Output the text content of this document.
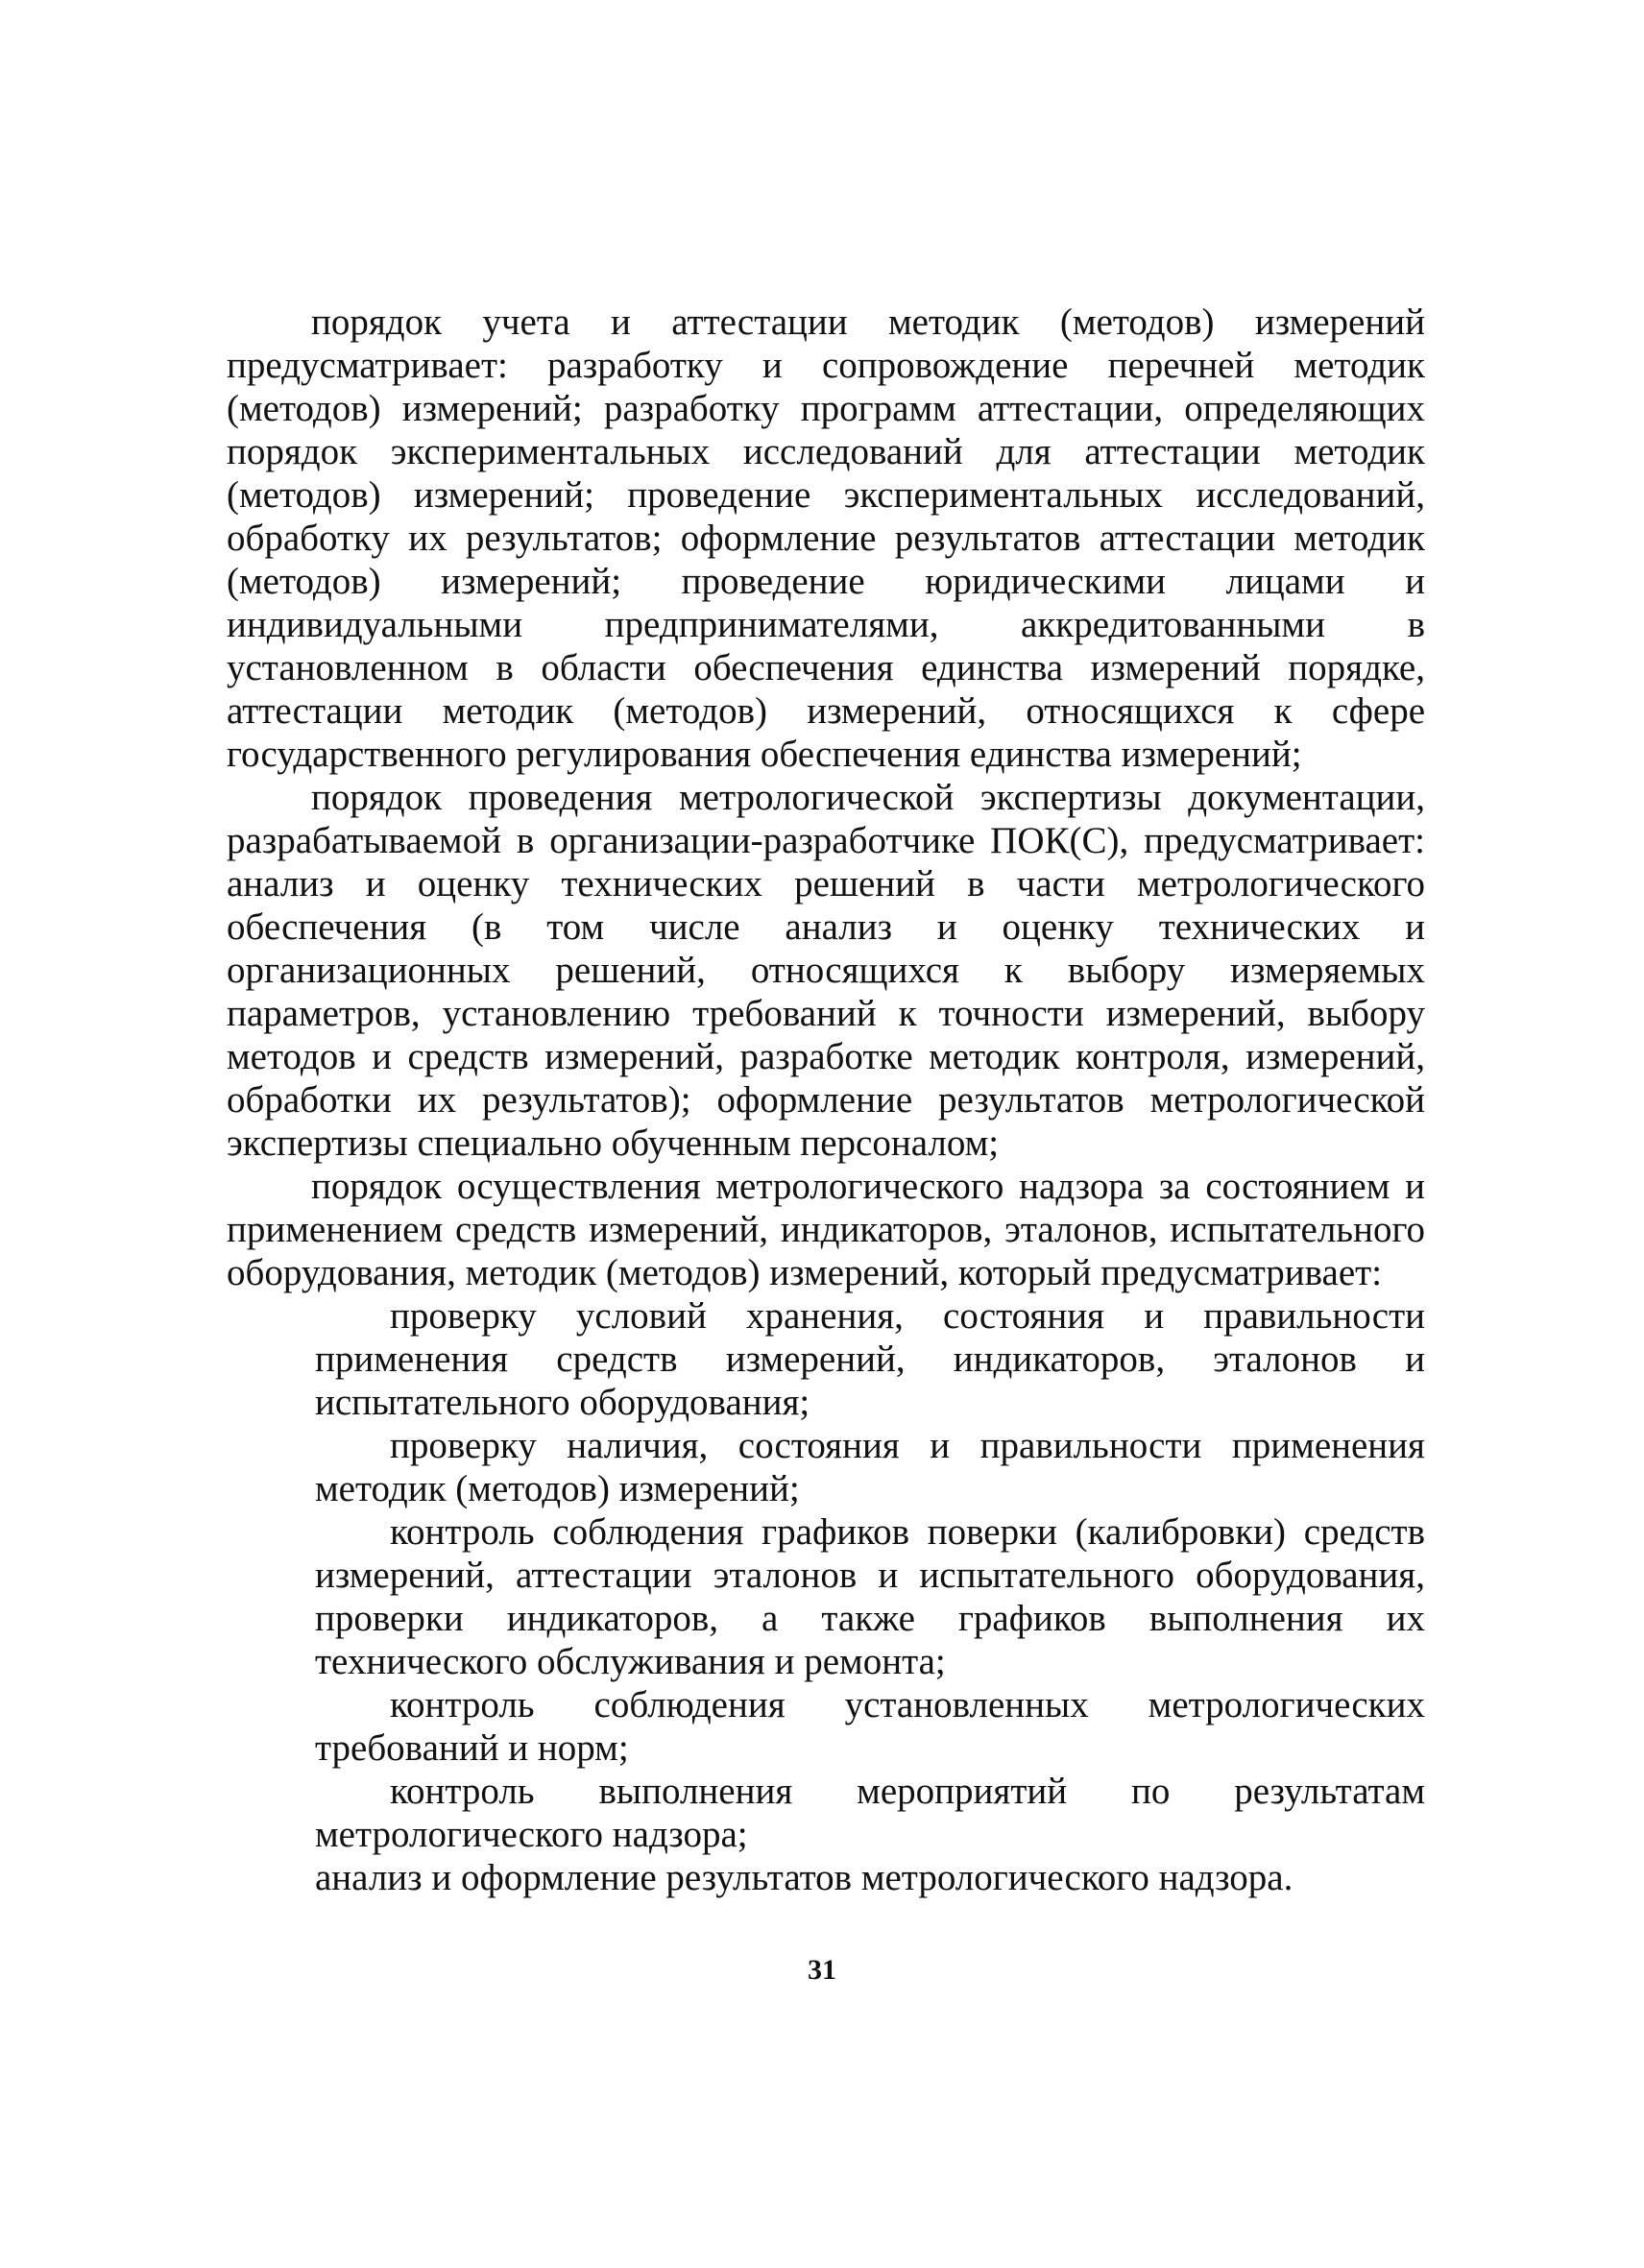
порядок учета и аттестации методик (методов) измерений предусматривает: разработку и сопровождение перечней методик (методов) измерений; разработку программ аттестации, определяющих порядок экспериментальных исследований для аттестации методик (методов) измерений; проведение экспериментальных исследований, обработку их результатов; оформление результатов аттестации методик (методов) измерений; проведение юридическими лицами и индивидуальными предпринимателями, аккредитованными в установленном в области обеспечения единства измерений порядке, аттестации методик (методов) измерений, относящихся к сфере государственного регулирования обеспечения единства измерений;

порядок проведения метрологической экспертизы документации, разрабатываемой в организации-разработчике ПОК(С), предусматривает: анализ и оценку технических решений в части метрологического обеспечения (в том числе анализ и оценку технических и организационных решений, относящихся к выбору измеряемых параметров, установлению требований к точности измерений, выбору методов и средств измерений, разработке методик контроля, измерений, обработки их результатов); оформление результатов метрологической экспертизы специально обученным персоналом;

порядок осуществления метрологического надзора за состоянием и применением средств измерений, индикаторов, эталонов, испытательного оборудования, методик (методов) измерений, который предусматривает:

проверку условий хранения, состояния и правильности применения средств измерений, индикаторов, эталонов и испытательного оборудования;

проверку наличия, состояния и правильности применения методик (методов) измерений;

контроль соблюдения графиков поверки (калибровки) средств измерений, аттестации эталонов и испытательного оборудования, проверки индикаторов, а также графиков выполнения их технического обслуживания и ремонта;

контроль соблюдения установленных метрологических требований и норм;

контроль выполнения мероприятий по результатам метрологического надзора;

анализ и оформление результатов метрологического надзора.

31
